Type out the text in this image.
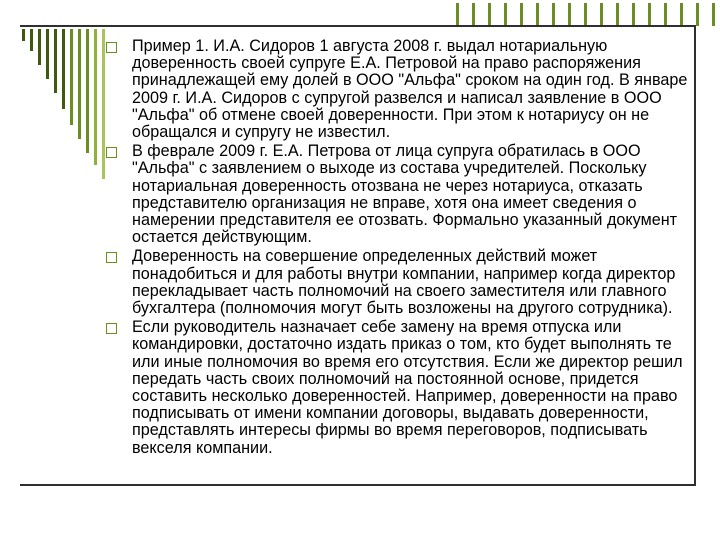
Пример 1. И.А. Сидоров 1 августа 2008 г. выдал нотариальную доверенность своей супруге Е.А. Петровой на право распоряжения принадлежащей ему долей в ООО "Альфа" сроком на один год. В январе 2009 г. И.А. Сидоров с супругой развелся и написал заявление в ООО "Альфа" об отмене своей доверенности. При этом к нотариусу он не обращался и супругу не известил.
В феврале 2009 г. Е.А. Петрова от лица супруга обратилась в ООО "Альфа" с заявлением о выходе из состава учредителей. Поскольку нотариальная доверенность отозвана не через нотариуса, отказать представителю организация не вправе, хотя она имеет сведения о намерении представителя ее отозвать. Формально указанный документ остается действующим.
Доверенность на совершение определенных действий может понадобиться и для работы внутри компании, например когда директор перекладывает часть полномочий на своего заместителя или главного бухгалтера (полномочия могут быть возложены на другого сотрудника).
Если руководитель назначает себе замену на время отпуска или командировки, достаточно издать приказ о том, кто будет выполнять те или иные полномочия во время его отсутствия. Если же директор решил передать часть своих полномочий на постоянной основе, придется составить несколько доверенностей. Например, доверенности на право подписывать от имени компании договоры, выдавать доверенности, представлять интересы фирмы во время переговоров, подписывать векселя компании.
